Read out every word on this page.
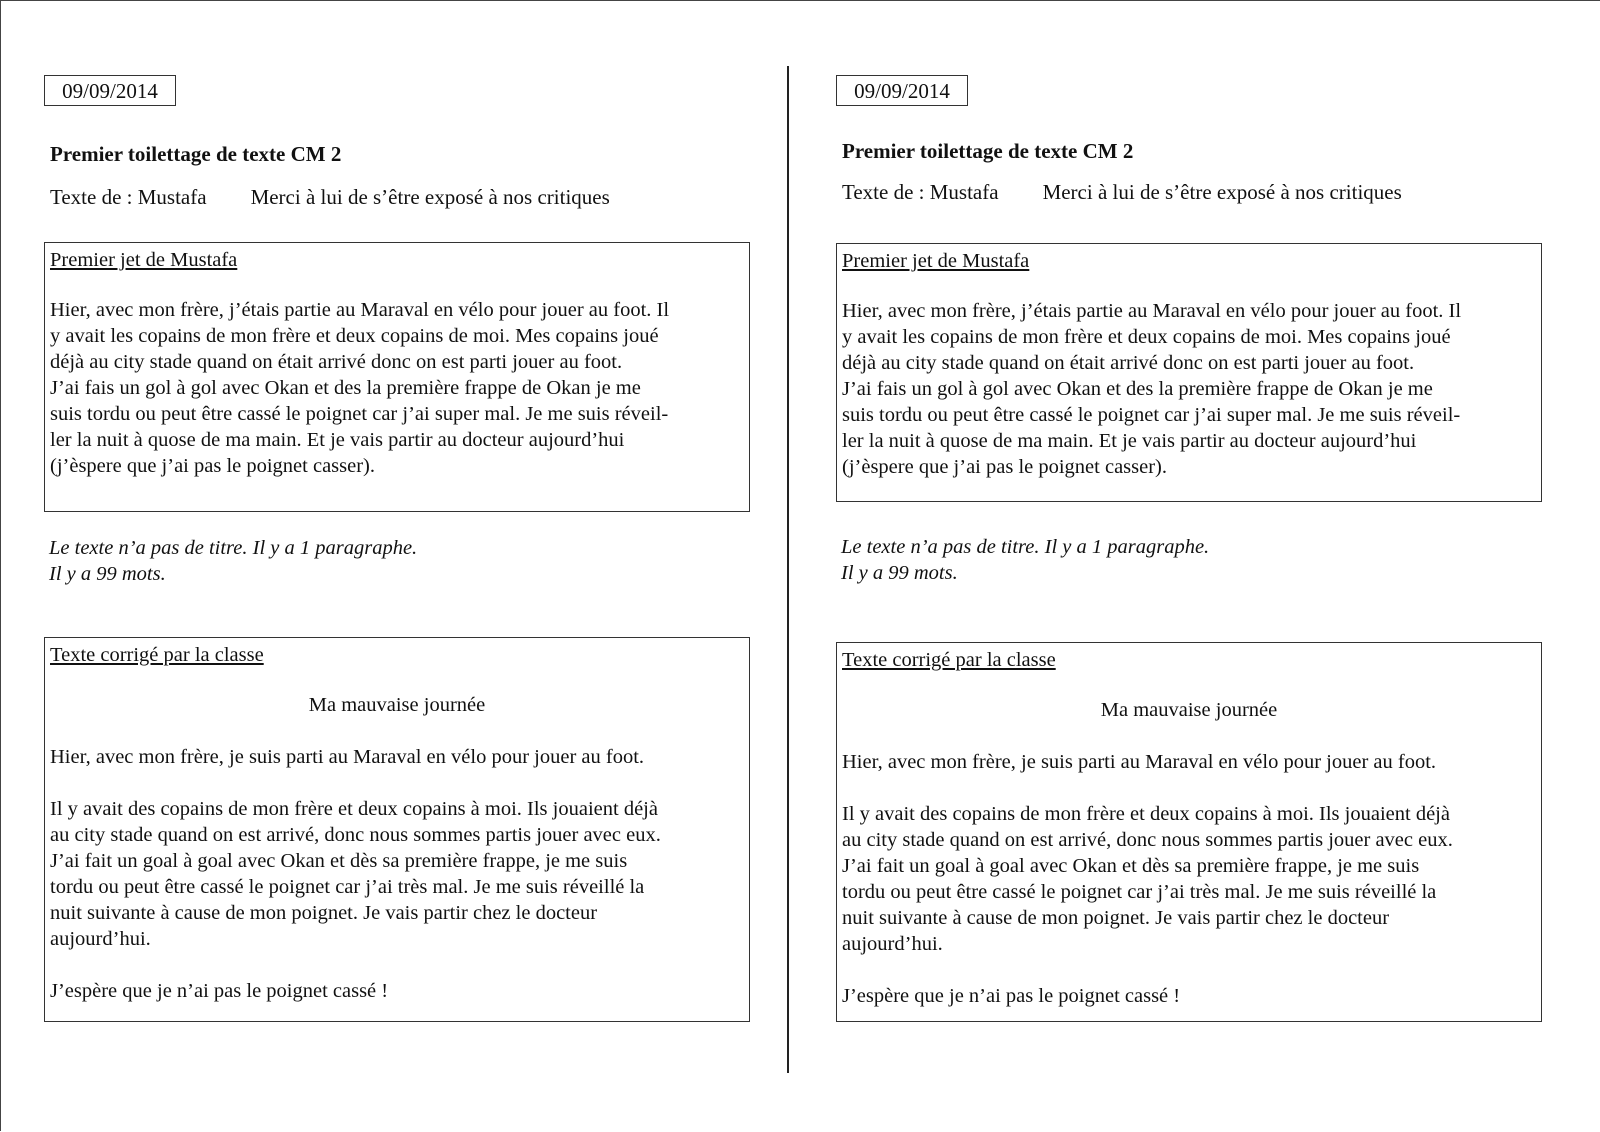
09/09/2014
Premier toilettage de texte CM 2
Texte de : Mustafa Merci à lui de s’être exposé à nos critiques

Premier jet de Mustafa

Hier, avec mon frère, j’étais partie au Maraval en vélo pour jouer au foot. Il

y avait les copains de mon frère et deux copains de moi. Mes copains joué

déjà au city stade quand on était arrivé donc on est parti jouer au foot.

J’ai fais un gol à gol avec Okan et des la première frappe de Okan je me

suis tordu ou peut être cassé le poignet car j’ai super mal. Je me suis réveil-

ler la nuit à quose de ma main. Et je vais partir au docteur aujourd’hui

(j’èspere que j’ai pas le poignet casser).

Le texte n’a pas de titre. Il y a 1 paragraphe.

Il y a 99 mots.

Texte corrigé par la classe

Ma mauvaise journée

Hier, avec mon frère, je suis parti au Maraval en vélo pour jouer au foot.

Il y avait des copains de mon frère et deux copains à moi. Ils jouaient déjà

au city stade quand on est arrivé, donc nous sommes partis jouer avec eux.

J’ai fait un goal à goal avec Okan et dès sa première frappe, je me suis

tordu ou peut être cassé le poignet car j’ai très mal. Je me suis réveillé la

nuit suivante à cause de mon poignet. Je vais partir chez le docteur

aujourd’hui.

J’espère que je n’ai pas le poignet cassé !

09/09/2014
Premier toilettage de texte CM 2
Texte de : Mustafa Merci à lui de s’être exposé à nos critiques

Premier jet de Mustafa

Hier, avec mon frère, j’étais partie au Maraval en vélo pour jouer au foot. Il

y avait les copains de mon frère et deux copains de moi. Mes copains joué

déjà au city stade quand on était arrivé donc on est parti jouer au foot.

J’ai fais un gol à gol avec Okan et des la première frappe de Okan je me

suis tordu ou peut être cassé le poignet car j’ai super mal. Je me suis réveil-

ler la nuit à quose de ma main. Et je vais partir au docteur aujourd’hui

(j’èspere que j’ai pas le poignet casser).

Le texte n’a pas de titre. Il y a 1 paragraphe.

Il y a 99 mots.

Texte corrigé par la classe

Ma mauvaise journée

Hier, avec mon frère, je suis parti au Maraval en vélo pour jouer au foot.

Il y avait des copains de mon frère et deux copains à moi. Ils jouaient déjà

au city stade quand on est arrivé, donc nous sommes partis jouer avec eux.

J’ai fait un goal à goal avec Okan et dès sa première frappe, je me suis

tordu ou peut être cassé le poignet car j’ai très mal. Je me suis réveillé la

nuit suivante à cause de mon poignet. Je vais partir chez le docteur

aujourd’hui.

J’espère que je n’ai pas le poignet cassé !
